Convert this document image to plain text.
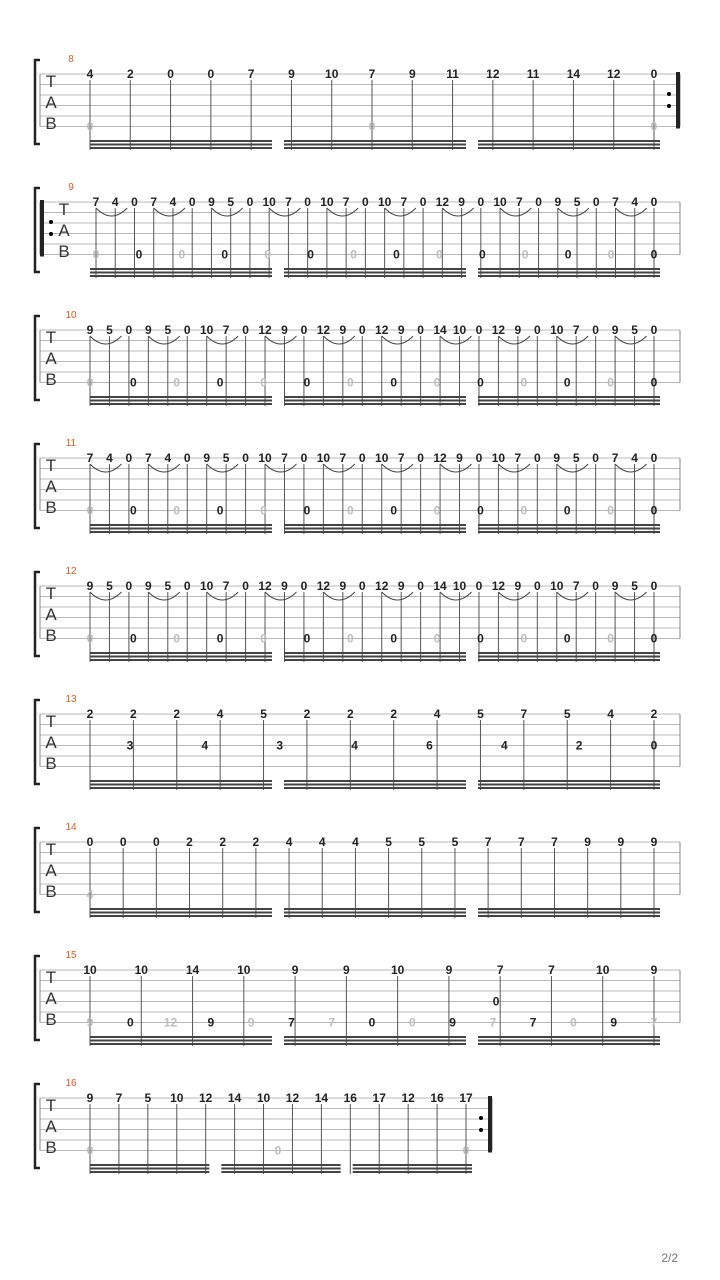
T
A
B
8
4	2	0	0	7	9	10	7	9	11 12 11 14 12	0
0	0	0
T
A
B
9
7 4 0 7 4 0 9 5 0 10 7 0 10 7 0 10 7 0 12 9 0 10 7 0 9 5 0 7 4 0
0	0	0	0	0	0	0	0	0	0	0	0	0	0
T
A
B
10
9 5 0 9 5 0 10 7 0 12 9 0 12 9 0 12 9 0 14 10 0 12 9 0 10 7 0 9 5 0
0	0	0	0	0	0	0	0	0	0	0	0	0	0
T
A
B
11
7 4 0 7 4 0 9 5 0 10 7 0 10 7 0 10 7 0 12 9 0 10 7 0 9 5 0 7 4 0
0	0	0	0	0	0	0	0	0	0	0	0	0	0
T
A
B
12
9 5 0 9 5 0 10 7 0 12 9 0 12 9 0 12 9 0 14 10 0 12 9 0 10 7 0 9 5 0
0	0	0	0	0	0	0	0	0	0	0	0	0	0
T
A
B
13
2	2	2	4	5	2	2	2	4	5	7	5	4	2
3	4	3	4	6	4	2	0
T
A
B
14
0 0 0 2 2 2 4 4 4 5 5 5 7 7 7 9 9 9
4
T
A
B
15
10	10	14	10	9	9	10	9	7	7	10	9
0
9	0	12	9	9	7	7	0	0	9	7	7	0	9	7
T
A
B
16
9 7 5 10 12 14 10 12 14 16 17 12 16 17
0	0	0
2/2
